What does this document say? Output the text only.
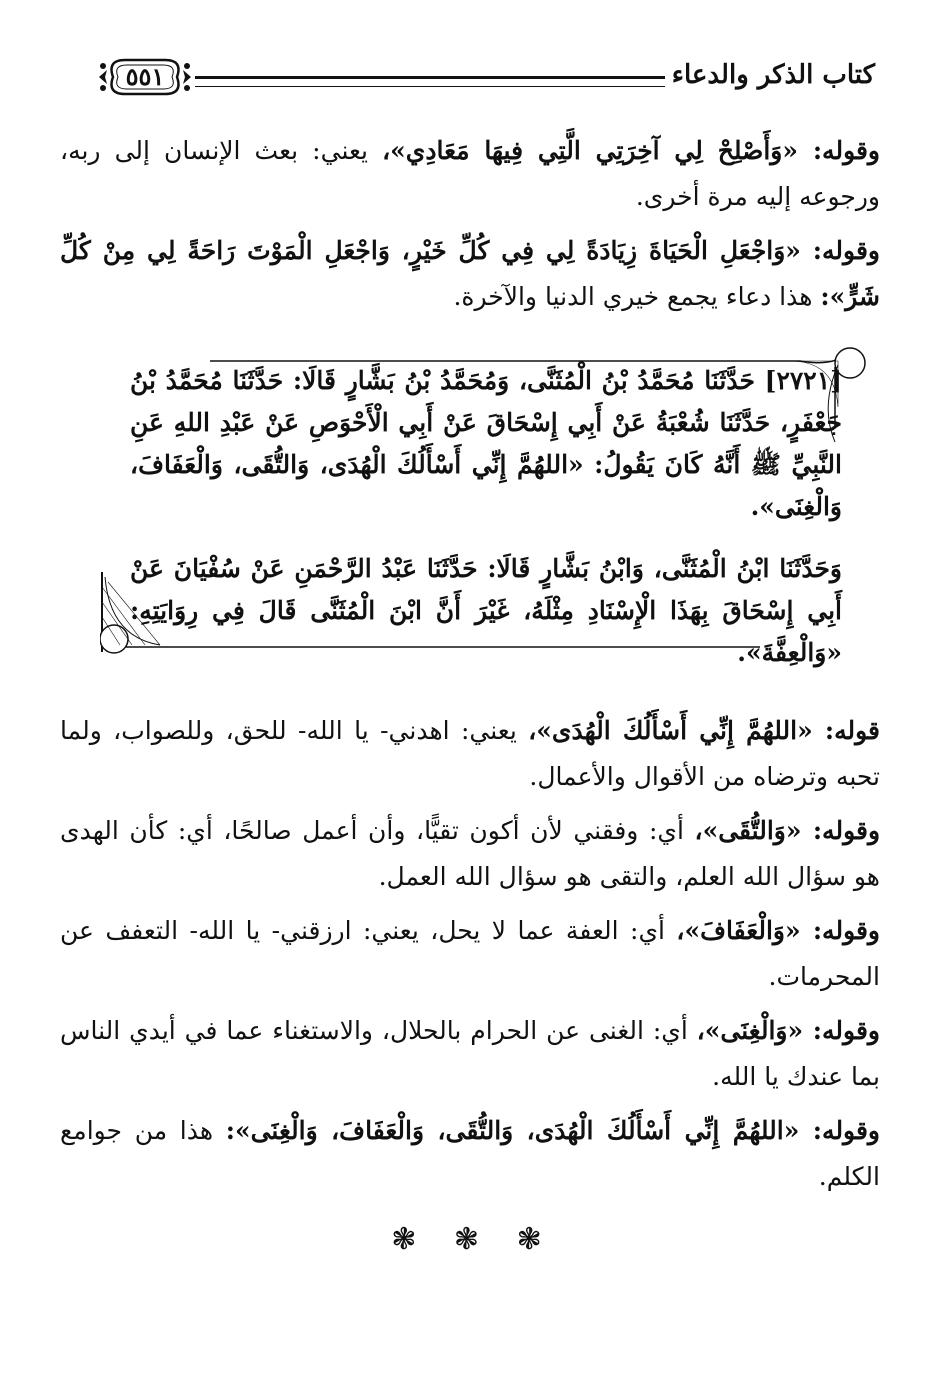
كتاب الذكر والدعاء
٥٥١
وقوله: «وَأَصْلِحْ لِي آخِرَتِي الَّتِي فِيهَا مَعَادِي»، يعني: بعث الإنسان إلى ربه، ورجوعه إليه مرة أخرى.
وقوله: «وَاجْعَلِ الْحَيَاةَ زِيَادَةً لِي فِي كُلِّ خَيْرٍ، وَاجْعَلِ الْمَوْتَ رَاحَةً لِي مِنْ كُلِّ شَرٍّ»: هذا دعاء يجمع خيري الدنيا والآخرة.
[٢٧٢١] حَدَّثَنَا مُحَمَّدُ بْنُ الْمُثَنَّى، وَمُحَمَّدُ بْنُ بَشَّارٍ قَالَا: حَدَّثَنَا مُحَمَّدُ بْنُ جَعْفَرٍ، حَدَّثَنَا شُعْبَةُ عَنْ أَبِي إِسْحَاقَ عَنْ أَبِي الْأَحْوَصِ عَنْ عَبْدِ اللهِ عَنِ النَّبِيِّ ﷺ أَنَّهُ كَانَ يَقُولُ: «اللهُمَّ إِنِّي أَسْأَلُكَ الْهُدَى، وَالتُّقَى، وَالْعَفَافَ، وَالْغِنَى».
وَحَدَّثَنَا ابْنُ الْمُثَنَّى، وَابْنُ بَشَّارٍ قَالَا: حَدَّثَنَا عَبْدُ الرَّحْمَنِ عَنْ سُفْيَانَ عَنْ أَبِي إِسْحَاقَ بِهَذَا الْإِسْنَادِ مِثْلَهُ، غَيْرَ أَنَّ ابْنَ الْمُثَنَّى قَالَ فِي رِوَايَتِهِ: «وَالْعِفَّةَ».
قوله: «اللهُمَّ إِنِّي أَسْأَلُكَ الْهُدَى»، يعني: اهدني- يا الله- للحق، وللصواب، ولما تحبه وترضاه من الأقوال والأعمال.
وقوله: «وَالتُّقَى»، أي: وفقني لأن أكون تقيًّا، وأن أعمل صالحًا، أي: كأن الهدى هو سؤال الله العلم، والتقى هو سؤال الله العمل.
وقوله: «وَالْعَفَافَ»، أي: العفة عما لا يحل، يعني: ارزقني- يا الله- التعفف عن المحرمات.
وقوله: «وَالْغِنَى»، أي: الغنى عن الحرام بالحلال، والاستغناء عما في أيدي الناس بما عندك يا الله.
وقوله: «اللهُمَّ إِنِّي أَسْأَلُكَ الْهُدَى، وَالتُّقَى، وَالْعَفَافَ، وَالْغِنَى»: هذا من جوامع الكلم.
❃ ❃ ❃
